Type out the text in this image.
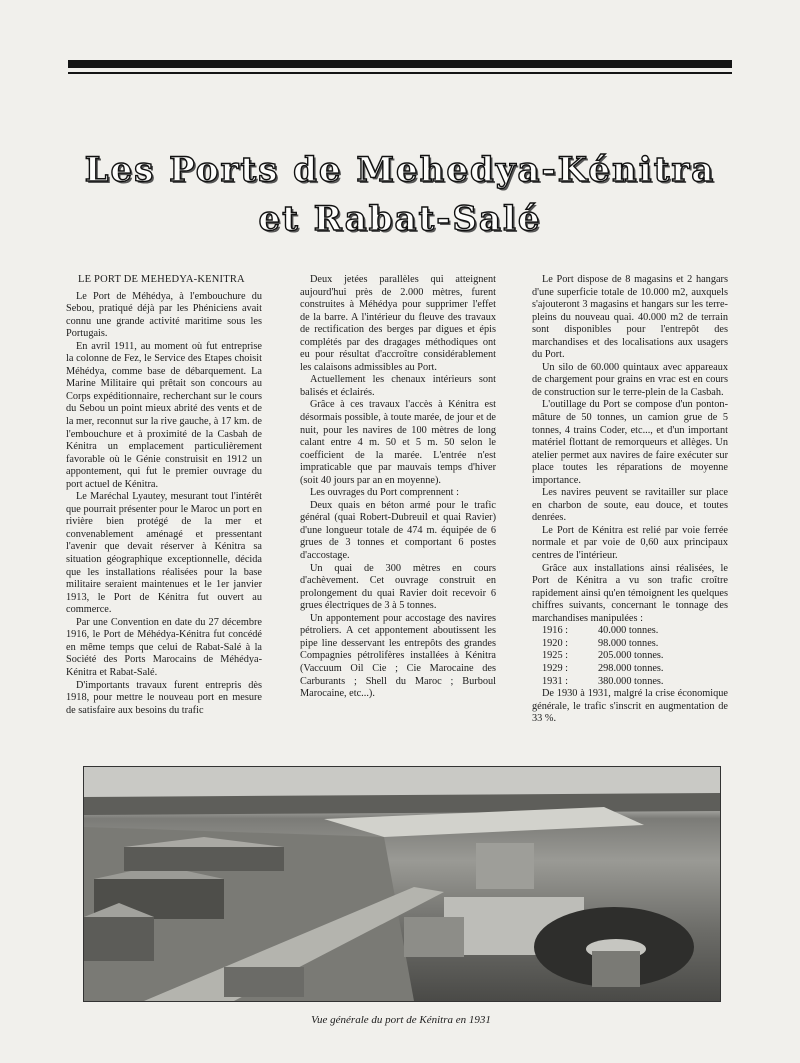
Les Ports de Mehedya-Kénitra
et Rabat-Salé
LE PORT DE MEHEDYA-KENITRA

Le Port de Méhédya, à l'embouchure du Sebou, pratiqué déjà par les Phéniciens avait connu une grande activité maritime sous les Portugais.

En avril 1911, au moment où fut entreprise la colonne de Fez, le Service des Etapes choisit Méhédya, comme base de débarquement. La Marine Militaire qui prêtait son concours au Corps expéditionnaire, recherchant sur le cours du Sebou un point mieux abrité des vents et de la mer, reconnut sur la rive gauche, à 17 km. de l'embouchure et à proximité de la Casbah de Kénitra un emplacement particulièrement favorable où le Génie construisit en 1912 un appontement, qui fut le premier ouvrage du port actuel de Kénitra.

Le Maréchal Lyautey, mesurant tout l'intérêt que pourrait présenter pour le Maroc un port en rivière bien protégé de la mer et convenablement aménagé et pressentant l'avenir que devait réserver à Kénitra sa situation géographique exceptionnelle, décida que les installations réalisées pour la base militaire seraient maintenues et le 1er janvier 1913, le Port de Kénitra fut ouvert au commerce.

Par une Convention en date du 27 décembre 1916, le Port de Méhédya-Kénitra fut concédé en même temps que celui de Rabat-Salé à la Société des Ports Marocains de Méhédya-Kénitra et Rabat-Salé.

D'importants travaux furent entrepris dès 1918, pour mettre le nouveau port en mesure de satisfaire aux besoins du trafic

Deux jetées parallèles qui atteignent aujourd'hui près de 2.000 mètres, furent construites à Méhédya pour supprimer l'effet de la barre. A l'intérieur du fleuve des travaux de rectification des berges par digues et épis complétés par des dragages méthodiques ont eu pour résultat d'accroître considérablement les calaisons admissibles au Port.

Actuellement les chenaux intérieurs sont balisés et éclairés.

Grâce à ces travaux l'accès à Kénitra est désormais possible, à toute marée, de jour et de nuit, pour les navires de 100 mètres de long calant entre 4 m. 50 et 5 m. 50 selon le coefficient de la marée. L'entrée n'est impraticable que par mauvais temps d'hiver (soit 40 jours par an en moyenne).

Les ouvrages du Port comprennent :

Deux quais en béton armé pour le trafic général (quai Robert-Dubreuil et quai Ravier) d'une longueur totale de 474 m. équipée de 6 grues de 3 tonnes et comportant 6 postes d'accostage.

Un quai de 300 mètres en cours d'achèvement. Cet ouvrage construit en prolongement du quai Ravier doit recevoir 6 grues électriques de 3 à 5 tonnes.

Un appontement pour accostage des navires pétroliers. A cet appontement aboutissent les pipe line desservant les entrepôts des grandes Compagnies pétrolifères installées à Kénitra (Vaccuum Oil Cie ; Cie Marocaine des Carburants ; Shell du Maroc ; Burboul Marocaine, etc...).

Le Port dispose de 8 magasins et 2 hangars d'une superficie totale de 10.000 m2, auxquels s'ajouteront 3 magasins et hangars sur les terre-pleins du nouveau quai. 40.000 m2 de terrain sont disponibles pour l'entrepôt des marchandises et des localisations aux usagers du Port.

Un silo de 60.000 quintaux avec appareaux de chargement pour grains en vrac est en cours de construction sur le terre-plein de la Casbah.

L'outillage du Port se compose d'un ponton-mâture de 50 tonnes, un camion grue de 5 tonnes, 4 trains Coder, etc..., et d'un important matériel flottant de remorqueurs et allèges. Un atelier permet aux navires de faire exécuter sur place toutes les réparations de moyenne importance.

Les navires peuvent se ravitailler sur place en charbon de soute, eau douce, et toutes denrées.

Le Port de Kénitra est relié par voie ferrée normale et par voie de 0,60 aux principaux centres de l'intérieur.

Grâce aux installations ainsi réalisées, le Port de Kénitra a vu son trafic croître rapidement ainsi qu'en témoignent les quelques chiffres suivants, concernant le tonnage des marchandises manipulées :

1916 :	40.000 tonnes.
1920 :	98.000 tonnes.
1925 :	205.000 tonnes.
1929 :	298.000 tonnes.
1931 :	380.000 tonnes.

De 1930 à 1931, malgré la crise économique générale, le trafic s'inscrit en augmentation de 33 %.

Vue générale du port de Kénitra en 1931
